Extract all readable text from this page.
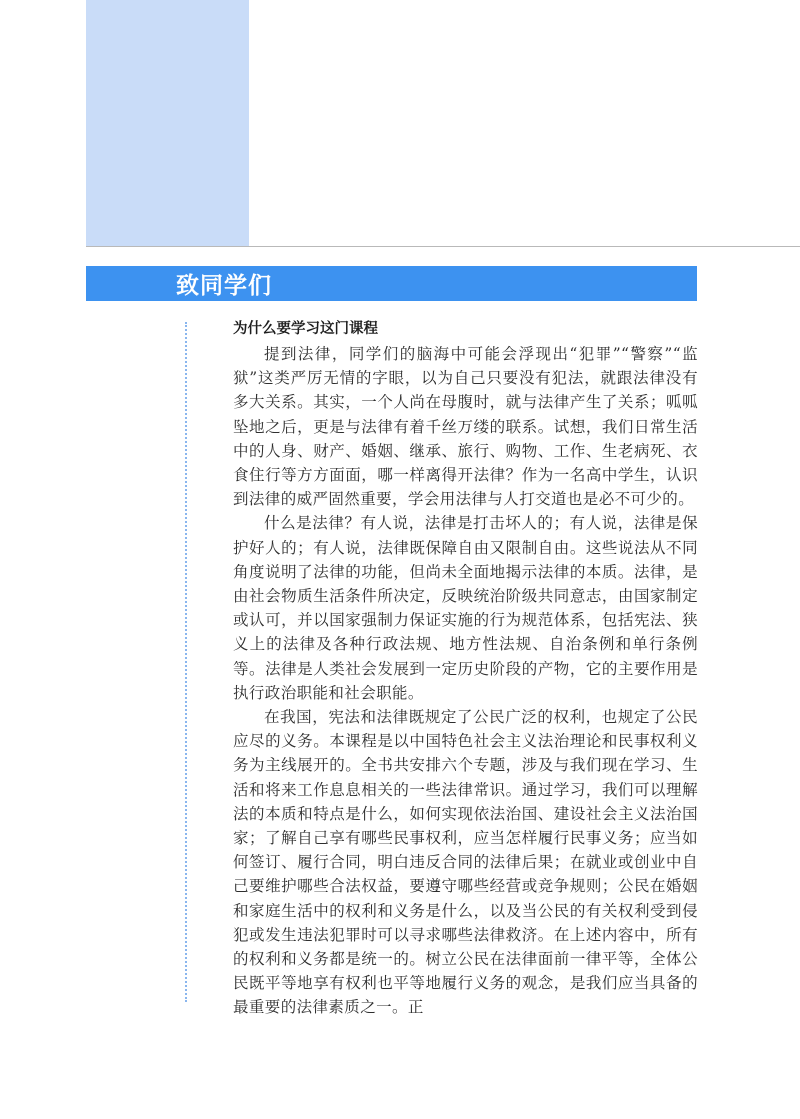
致同学们
为什么要学习这门课程

提到法律，同学们的脑海中可能会浮现出“犯罪”“警察”“监狱”这类严厉无情的字眼，以为自己只要没有犯法，就跟法律没有多大关系。其实，一个人尚在母腹时，就与法律产生了关系；呱呱坠地之后，更是与法律有着千丝万缕的联系。试想，我们日常生活中的人身、财产、婚姻、继承、旅行、购物、工作、生老病死、衣食住行等方方面面，哪一样离得开法律？作为一名高中学生，认识到法律的威严固然重要，学会用法律与人打交道也是必不可少的。

什么是法律？有人说，法律是打击坏人的；有人说，法律是保护好人的；有人说，法律既保障自由又限制自由。这些说法从不同角度说明了法律的功能，但尚未全面地揭示法律的本质。法律，是由社会物质生活条件所决定，反映统治阶级共同意志，由国家制定或认可，并以国家强制力保证实施的行为规范体系，包括宪法、狭义上的法律及各种行政法规、地方性法规、自治条例和单行条例等。法律是人类社会发展到一定历史阶段的产物，它的主要作用是执行政治职能和社会职能。

在我国，宪法和法律既规定了公民广泛的权利，也规定了公民应尽的义务。本课程是以中国特色社会主义法治理论和民事权利义务为主线展开的。全书共安排六个专题，涉及与我们现在学习、生活和将来工作息息相关的一些法律常识。通过学习，我们可以理解法的本质和特点是什么，如何实现依法治国、建设社会主义法治国家；了解自己享有哪些民事权利，应当怎样履行民事义务；应当如何签订、履行合同，明白违反合同的法律后果；在就业或创业中自己要维护哪些合法权益，要遵守哪些经营或竞争规则；公民在婚姻和家庭生活中的权利和义务是什么，以及当公民的有关权利受到侵犯或发生违法犯罪时可以寻求哪些法律救济。在上述内容中，所有的权利和义务都是统一的。树立公民在法律面前一律平等，全体公民既平等地享有权利也平等地履行义务的观念，是我们应当具备的最重要的法律素质之一。正
